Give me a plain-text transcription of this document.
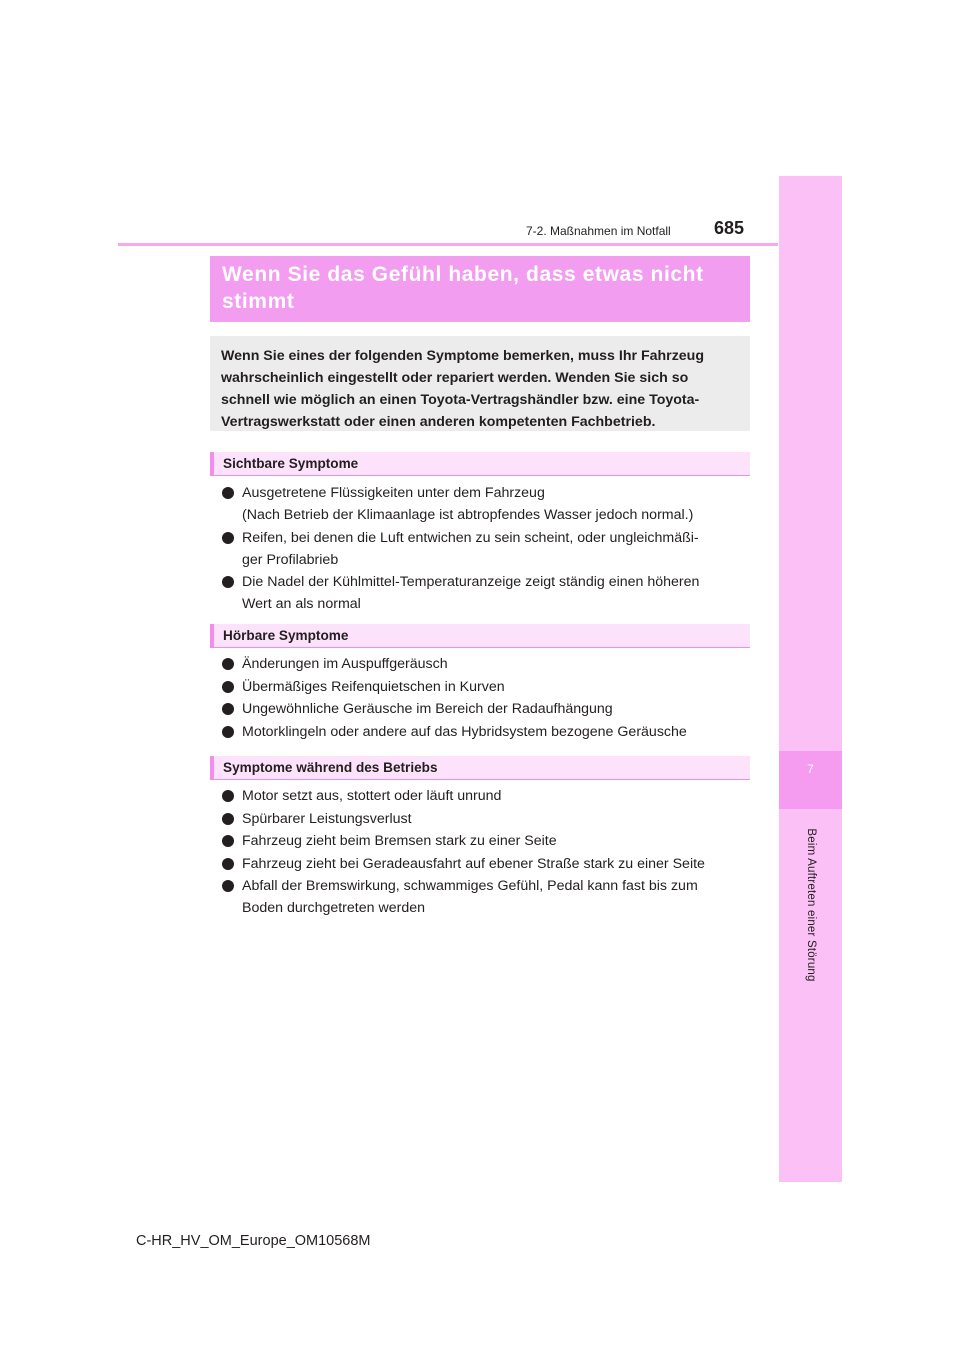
7
Beim Auftreten einer Störung
7-2. Maßnahmen im Notfall 685
Wenn Sie das Gefühl haben, dass etwas nicht
stimmt
Wenn Sie eines der folgenden Symptome bemerken, muss Ihr Fahrzeug
wahrscheinlich eingestellt oder repariert werden. Wenden Sie sich so
schnell wie möglich an einen Toyota-Vertragshändler bzw. eine Toyota-
Vertragswerkstatt oder einen anderen kompetenten Fachbetrieb.
Sichtbare Symptome
Ausgetretene Flüssigkeiten unter dem Fahrzeug
(Nach Betrieb der Klimaanlage ist abtropfendes Wasser jedoch normal.)
Reifen, bei denen die Luft entwichen zu sein scheint, oder ungleichmäßi-
ger Profilabrieb
Die Nadel der Kühlmittel-Temperaturanzeige zeigt ständig einen höheren
Wert an als normal
Hörbare Symptome
Änderungen im Auspuffgeräusch
Übermäßiges Reifenquietschen in Kurven
Ungewöhnliche Geräusche im Bereich der Radaufhängung
Motorklingeln oder andere auf das Hybridsystem bezogene Geräusche
Symptome während des Betriebs
Motor setzt aus, stottert oder läuft unrund
Spürbarer Leistungsverlust
Fahrzeug zieht beim Bremsen stark zu einer Seite
Fahrzeug zieht bei Geradeausfahrt auf ebener Straße stark zu einer Seite
Abfall der Bremswirkung, schwammiges Gefühl, Pedal kann fast bis zum
Boden durchgetreten werden
C-HR_HV_OM_Europe_OM10568M
